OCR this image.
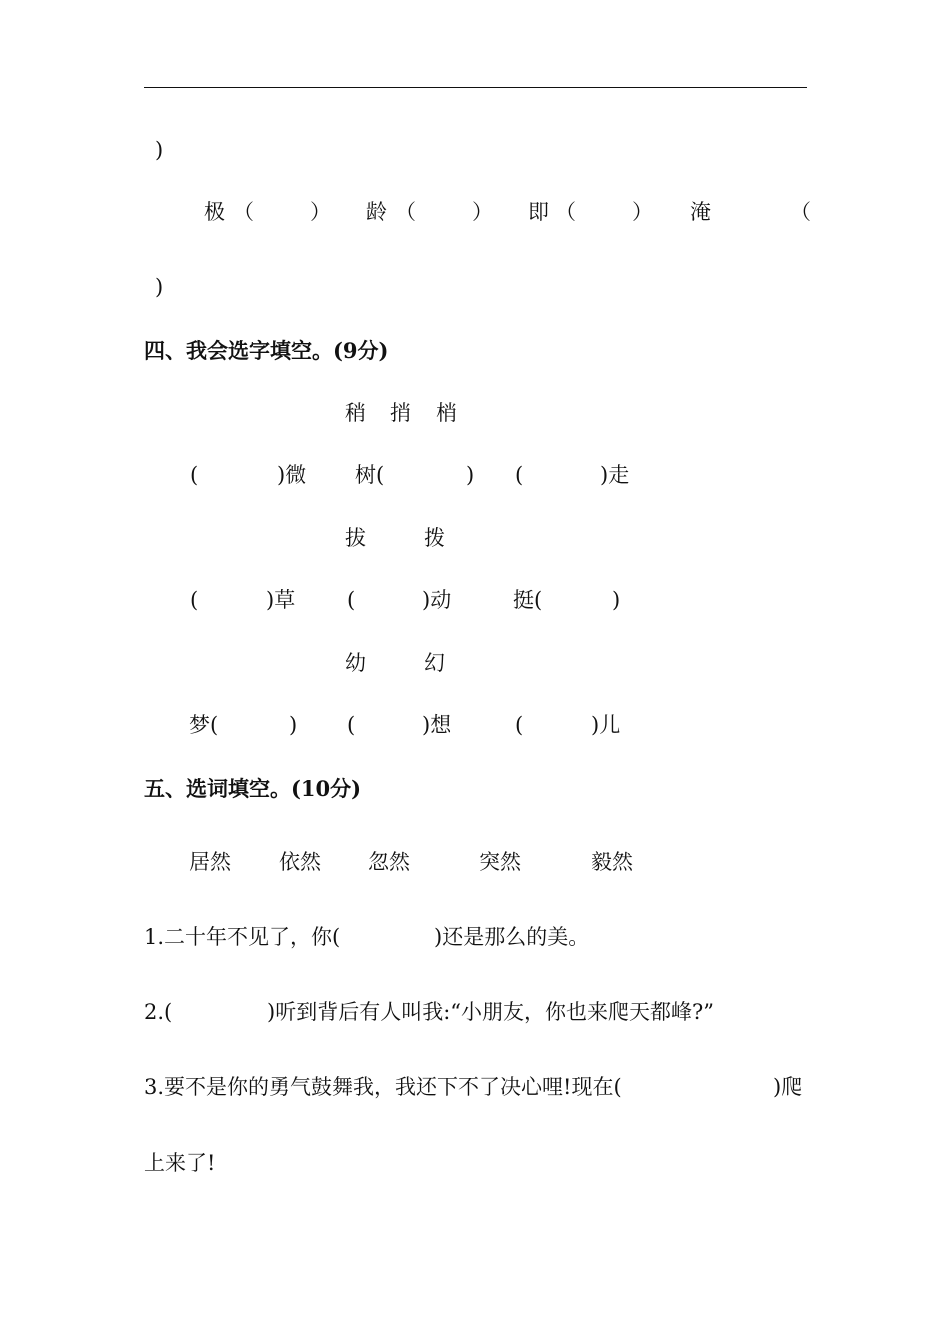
)
极 （	） 龄 （	） 即 （	） 淹	（
)
四、我会选字填空。(9分)
稍 捎 梢
(	)微 树(	) (	)走
拔	拨
(	)草 (	)动	挺(	)
幼	幻
梦(	) (	)想	(	)儿
五、选词填空。(10分)
居然 依然 忽然	突然	毅然
1.二十年不见了，你(	)还是那么的美。
2.(	)听到背后有人叫我:“小朋友，你也来爬天都峰?”
3.要不是你的勇气鼓舞我，我还下不了决心哩!现在(	)爬
上来了!
